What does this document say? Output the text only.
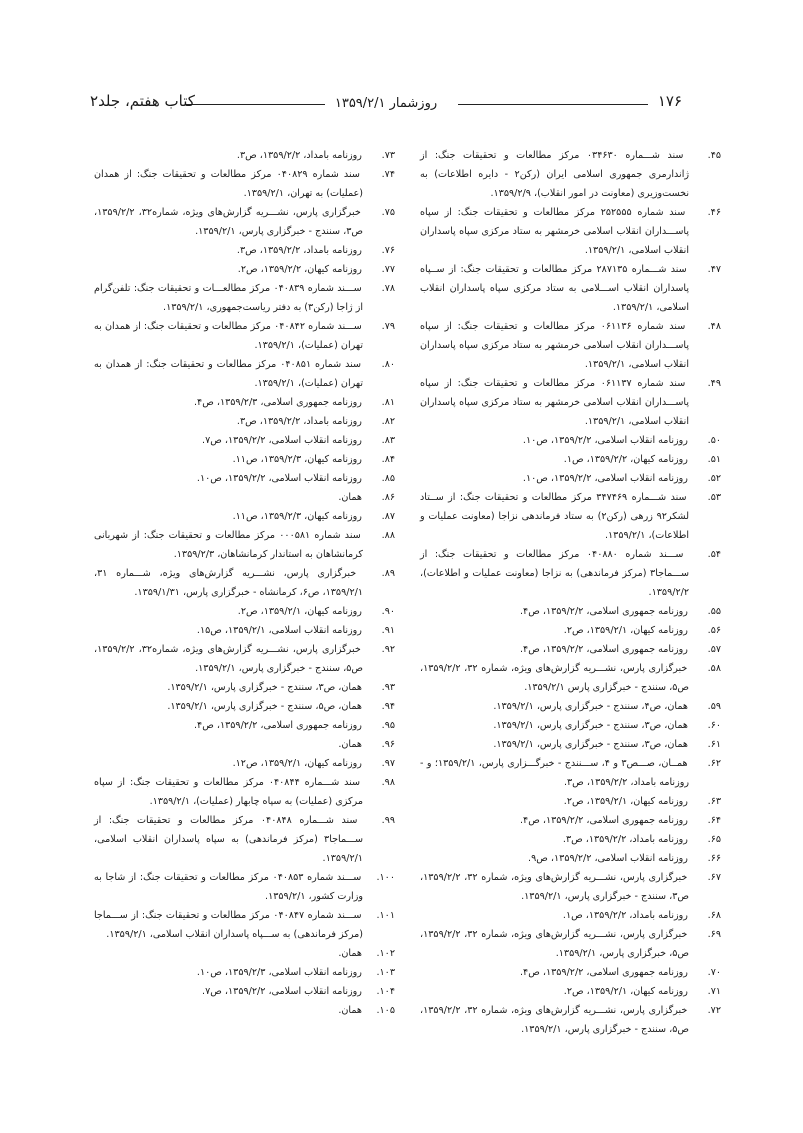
۱۷۶
روزشمار ۱۳۵۹/۲/۱
کتاب هفتم، جلد۲

۴۵. سند شـــماره ۰۳۴۶۳۰ مرکز مطالعات و تحقیقات جنگ: از ژاندارمری جمهوری اسلامی ایران (رکن۲ - دایره اطلاعات) به نخست‌وزیری (معاونت در امور انقلاب)، ۱۳۵۹/۲/۹.

۴۶. سند شماره ۲۵۲۵۵۵ مرکز مطالعات و تحقیقات جنگ: از سپاه پاســـداران انقلاب اسلامی خرمشهر به ستاد مرکزی سپاه پاسداران انقلاب اسلامی، ۱۳۵۹/۲/۱.

۴۷. سند شـــماره ۲۸۷۱۳۵ مرکز مطالعات و تحقیقات جنگ: از ســپاه پاسداران انقلاب اســـلامی به ستاد مرکزی سپاه پاسداران انقلاب اسلامی، ۱۳۵۹/۲/۱.

۴۸. سند شماره ۰۶۱۱۳۶ مرکز مطالعات و تحقیقات جنگ: از سپاه پاســـداران انقلاب اسلامی خرمشهر به ستاد مرکزی سپاه پاسداران انقلاب اسلامی، ۱۳۵۹/۲/۱.

۴۹. سند شماره ۰۶۱۱۳۷ مرکز مطالعات و تحقیقات جنگ: از سپاه پاســـداران انقلاب اسلامی خرمشهر به ستاد مرکزی سپاه پاسداران انقلاب اسلامی، ۱۳۵۹/۲/۱.

۵۰. روزنامه انقلاب اسلامی، ۱۳۵۹/۲/۲، ص۱۰.

۵۱. روزنامه کیهان، ۱۳۵۹/۲/۲، ص۱.

۵۲. روزنامه انقلاب اسلامی، ۱۳۵۹/۲/۲، ص۱۰.

۵۳. سند شـــماره ۳۴۷۴۶۹ مرکز مطالعات و تحقیقات جنگ: از ســتاد لشکر۹۲ زرهی (رکن۲) به ستاد فرماندهی نزاجا (معاونت عملیات و اطلاعات)، ۱۳۵۹/۲/۱.

۵۴. ســـند شماره ۰۴۰۸۸۰ مرکز مطالعات و تحقیقات جنگ: از ســـماجا۳ (مرکز فرماندهی) به نزاجا (معاونت عملیات و اطلاعات)، ۱۳۵۹/۲/۲.

۵۵. روزنامه جمهوری اسلامی، ۱۳۵۹/۲/۲، ص۴.

۵۶. روزنامه کیهان، ۱۳۵۹/۲/۱، ص۲.

۵۷. روزنامه جمهوری اسلامی، ۱۳۵۹/۲/۲، ص۴.

۵۸. خبرگزاری پارس، نشـــریه گزارش‌های ویژه، شماره ۳۲، ۱۳۵۹/۲/۲، ص۵، سنندج - خبرگزاری پارس ۱۳۵۹/۲/۱.

۵۹. همان، ص۴، سنندج - خبرگزاری پارس، ۱۳۵۹/۲/۱.

۶۰. همان، ص۳، سنندج - خبرگزاری پارس، ۱۳۵۹/۲/۱.

۶۱. همان، ص۳، سنندج - خبرگزاری پارس، ۱۳۵۹/۲/۱.

۶۲. همــان، صـــص۳ و ۴، ســـنندج - خبرگـــزاری پارس، ۱۳۵۹/۲/۱؛ و - روزنامه بامداد، ۱۳۵۹/۲/۲، ص۳.

۶۳. روزنامه کیهان، ۱۳۵۹/۲/۱، ص۲.

۶۴. روزنامه جمهوری اسلامی، ۱۳۵۹/۲/۲، ص۴.

۶۵. روزنامه بامداد، ۱۳۵۹/۲/۲، ص۳.

۶۶. روزنامه انقلاب اسلامی، ۱۳۵۹/۲/۲، ص۹.

۶۷. خبرگزاری پارس، نشـــریه گزارش‌های ویژه، شماره ۳۲، ۱۳۵۹/۲/۲، ص۳، سنندج - خبرگزاری پارس، ۱۳۵۹/۲/۱.

۶۸. روزنامه بامداد، ۱۳۵۹/۲/۲، ص۱.

۶۹. خبرگزاری پارس، نشـــریه گزارش‌های ویژه، شماره ۳۲، ۱۳۵۹/۲/۲، ص۵، خبرگزاری پارس، ۱۳۵۹/۲/۱.

۷۰. روزنامه جمهوری اسلامی، ۱۳۵۹/۲/۲، ص۴.

۷۱. روزنامه کیهان، ۱۳۵۹/۲/۱، ص۲.

۷۲. خبرگزاری پارس، نشـــریه گزارش‌های ویژه، شماره ۳۲، ۱۳۵۹/۲/۲، ص۵، سنندج - خبرگزاری پارس، ۱۳۵۹/۲/۱.

۷۳. روزنامه بامداد، ۱۳۵۹/۲/۲، ص۳.

۷۴. سند شماره ۰۴۰۸۲۹ مرکز مطالعات و تحقیقات جنگ: از همدان (عملیات) به تهران، ۱۳۵۹/۲/۱.

۷۵. خبرگزاری پارس، نشـــریه گزارش‌های ویژه، شماره۳۲، ۱۳۵۹/۲/۲، ص۳، سنندج - خبرگزاری پارس، ۱۳۵۹/۲/۱.

۷۶. روزنامه بامداد، ۱۳۵۹/۲/۲، ص۳.

۷۷. روزنامه کیهان، ۱۳۵۹/۲/۲، ص۲.

۷۸. ســـند شماره ۰۴۰۸۳۹ مرکز مطالعـــات و تحقیقات جنگ: تلفن‌گرام از ژاجا (رکن۳) به دفتر ریاست‌جمهوری، ۱۳۵۹/۲/۱.

۷۹. ســـند شماره ۰۴۰۸۴۲ مرکز مطالعات و تحقیقات جنگ: از همدان به تهران (عملیات)، ۱۳۵۹/۲/۱.

۸۰. سند شماره ۰۴۰۸۵۱ مرکز مطالعات و تحقیقات جنگ: از همدان به تهران (عملیات)، ۱۳۵۹/۲/۱.

۸۱. روزنامه جمهوری اسلامی، ۱۳۵۹/۲/۳، ص۴.

۸۲. روزنامه بامداد، ۱۳۵۹/۲/۲، ص۳.

۸۳. روزنامه انقلاب اسلامی، ۱۳۵۹/۲/۲، ص۷.

۸۴. روزنامه کیهان، ۱۳۵۹/۲/۳، ص۱۱.

۸۵. روزنامه انقلاب اسلامی، ۱۳۵۹/۲/۲، ص۱۰.

۸۶. همان.

۸۷. روزنامه کیهان، ۱۳۵۹/۲/۳، ص۱۱.

۸۸. سند شماره ۰۰۰۵۸۱ مرکز مطالعات و تحقیقات جنگ: از شهربانی کرمانشاهان به استاندار کرمانشاهان، ۱۳۵۹/۲/۳.

۸۹. خبرگزاری پارس، نشـــریه گزارش‌های ویژه، شـــماره ۳۱، ۱۳۵۹/۲/۱، ص۶، کرمانشاه - خبرگزاری پارس، ۱۳۵۹/۱/۳۱.

۹۰. روزنامه کیهان، ۱۳۵۹/۲/۱، ص۲.

۹۱. روزنامه انقلاب اسلامی، ۱۳۵۹/۲/۱، ص۱۵.

۹۲. خبرگزاری پارس، نشـــریه گزارش‌های ویژه، شماره۳۲، ۱۳۵۹/۲/۲، ص۵، سنندج - خبرگزاری پارس، ۱۳۵۹/۲/۱.

۹۳. همان، ص۳، سنندج - خبرگزاری پارس، ۱۳۵۹/۲/۱.

۹۴. همان، ص۵، سنندج - خبرگزاری پارس، ۱۳۵۹/۲/۱.

۹۵. روزنامه جمهوری اسلامی، ۱۳۵۹/۲/۲، ص۴.

۹۶. همان.

۹۷. روزنامه کیهان، ۱۳۵۹/۲/۱، ص۱۲.

۹۸. سند شـــماره ۰۴۰۸۴۴ مرکز مطالعات و تحقیقات جنگ: از سپاه مرکزی (عملیات) به سپاه چابهار (عملیات)، ۱۳۵۹/۲/۱.

۹۹. سند شـــماره ۰۴۰۸۴۸ مرکز مطالعات و تحقیقات جنگ: از ســـماجا۳ (مرکز فرماندهی) به سپاه پاسداران انقلاب اسلامی، ۱۳۵۹/۲/۱.

۱۰۰. ســـند شماره ۰۴۰۸۵۳ مرکز مطالعات و تحقیقات جنگ: از شاجا به وزارت کشور، ۱۳۵۹/۲/۱.

۱۰۱. ســـند شماره ۰۴۰۸۴۷ مرکز مطالعات و تحقیقات جنگ: از ســـماجا (مرکز فرماندهی) به ســـپاه پاسداران انقلاب اسلامی، ۱۳۵۹/۲/۱.

۱۰۲. همان.

۱۰۳. روزنامه انقلاب اسلامی، ۱۳۵۹/۲/۳، ص۱۰.

۱۰۴. روزنامه انقلاب اسلامی، ۱۳۵۹/۲/۲، ص۷.

۱۰۵. همان.
